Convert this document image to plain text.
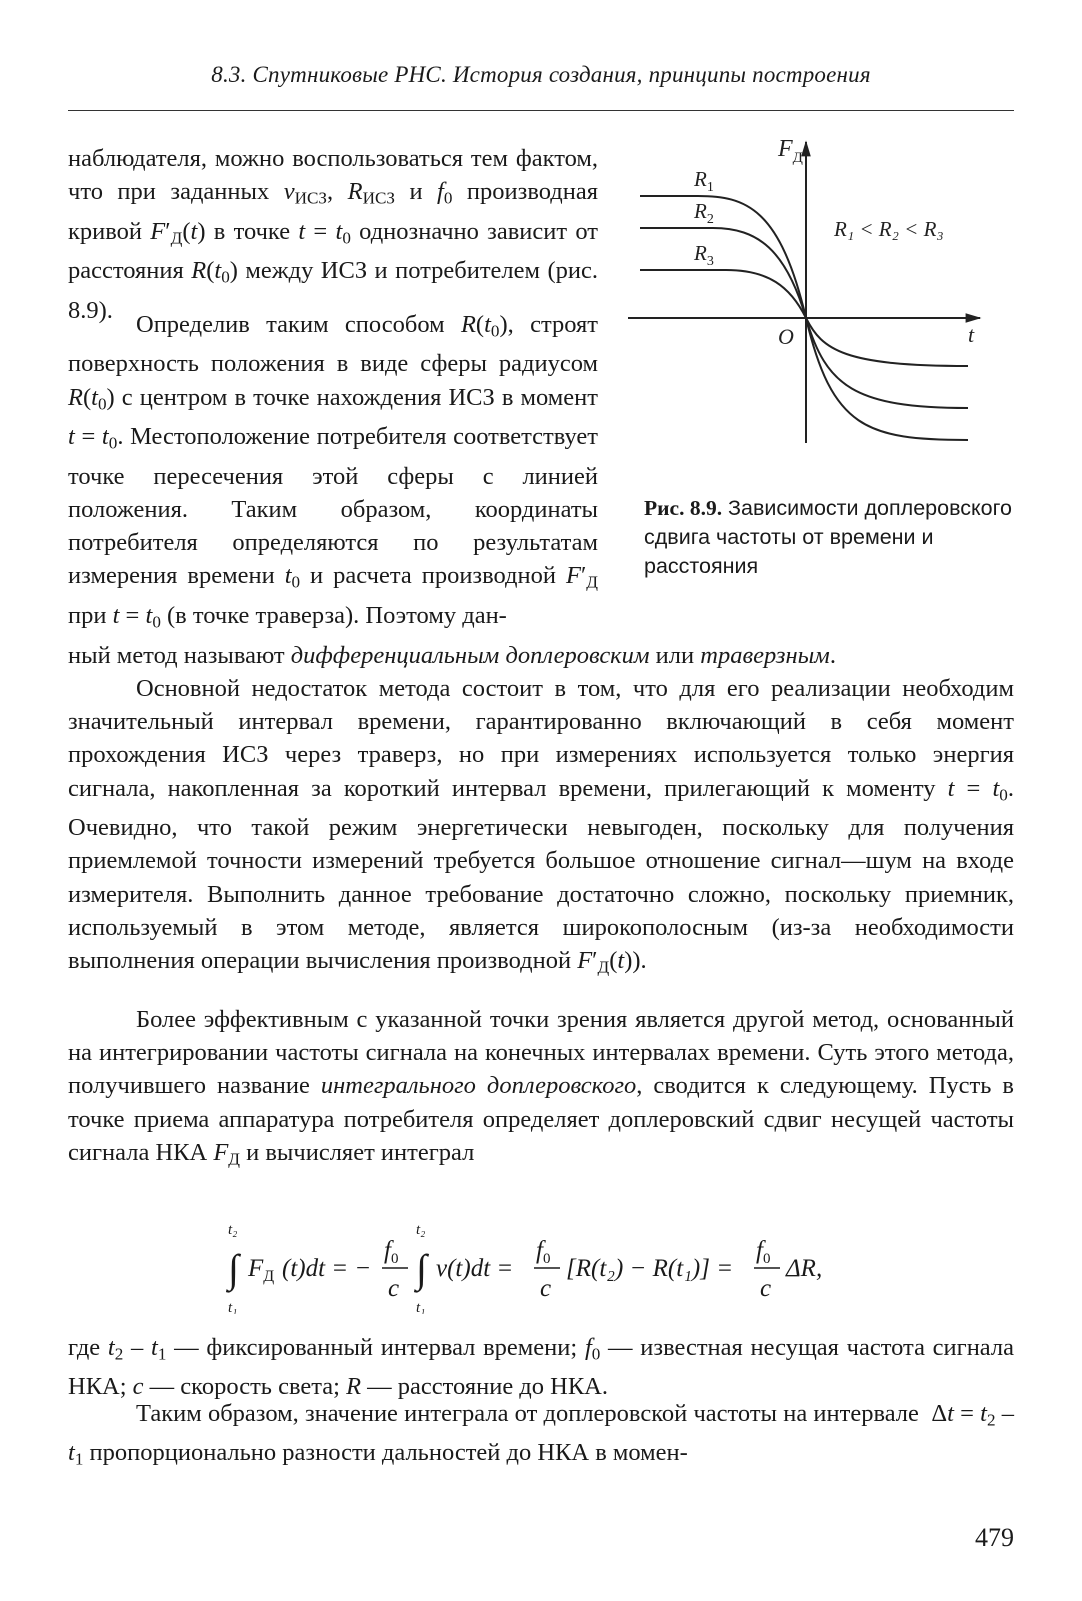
8.3. Спутниковые РНС. История создания, принципы построения

наблюдателя, можно воспользоваться тем фактом, что при заданных $v_{ИСЗ}$, $R_{ИСЗ}$ и $f_0$ производная кривой $F'_Д(t)$ в точке $t = t_0$ однозначно зависит от расстояния $R(t_0)$ между ИСЗ и потребителем (рис. 8.9).

Определив таким способом $R(t_0)$, строят поверхность положения в виде сферы радиусом $R(t_0)$ с центром в точке нахождения ИСЗ в момент $t = t_0$. Местоположение потребителя соответствует точке пересечения этой сферы с линией положения. Таким образом, координаты потребителя определяются по результатам измерения времени $t_0$ и расчета производной $F'_Д$ при $t = t_0$ (в точке траверза). Поэтому дан-

ный метод называют дифференциальным доплеровским или траверзным.

Основной недостаток метода состоит в том, что для его реализации необходим значительный интервал времени, гарантированно включающий в себя момент прохождения ИСЗ через траверз, но при измерениях используется только энергия сигнала, накопленная за короткий интервал времени, прилегающий к моменту $t = t_0$. Очевидно, что такой режим энергетически невыгоден, поскольку для получения приемлемой точности измерений требуется большое отношение сигнал—шум на входе измерителя. Выполнить данное требование достаточно сложно, поскольку приемник, используемый в этом методе, является широкополосным (из-за необходимости выполнения операции вычисления производной $F'_Д(t)$).

Более эффективным с указанной точки зрения является другой метод, основанный на интегрировании частоты сигнала на конечных интервалах времени. Суть этого метода, получившего название интегрального доплеровского, сводится к следующему. Пусть в точке приема аппаратура потребителя определяет доплеровский сдвиг несущей частоты сигнала НКА $F_Д$ и вычисляет интеграл

$F_Д$
t
O
$R_1$
$R_2$
$R_3$
R₁ < R₂ < R₃
Рис. 8.9. Зависимости доплеровского сдвига частоты от времени и расстояния
t₂
∫
t₁
$F_Д$ (t)dt = −
$f_0$
c
t₂
∫
t₁
v(t)dt =
$f_0$
c
[R(t₂) − R(t₁)] =
$f_0$
c
ΔR,

где $t_2 - t_1$ — фиксированный интервал времени; $f_0$ — известная несущая частота сигнала НКА; c — скорость света; R — расстояние до НКА.

Таким образом, значение интеграла от доплеровской частоты на интервале  $\Delta t = t_2 - t_1$ пропорционально разности дальностей до НКА в момен-

479
